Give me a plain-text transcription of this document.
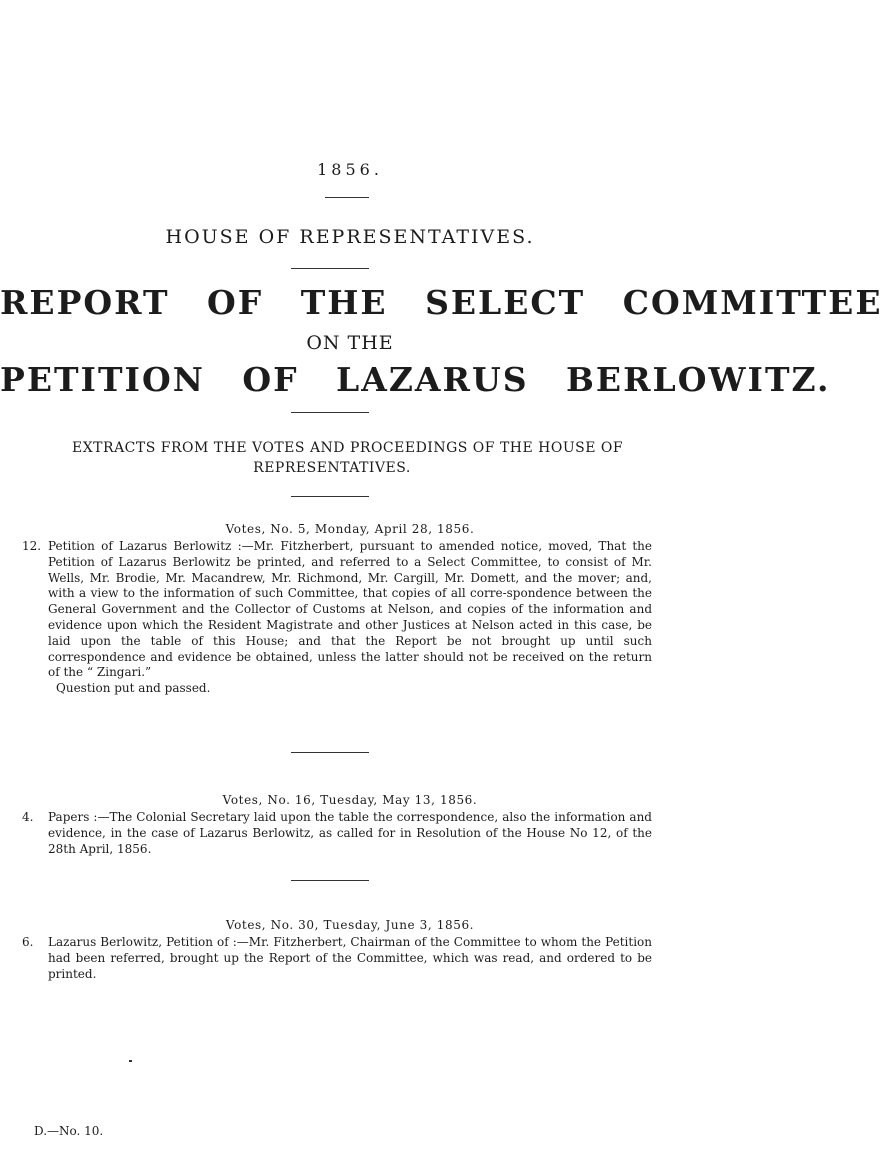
1856.
HOUSE OF REPRESENTATIVES.
REPORT OF THE SELECT COMMITTEE
ON THE
PETITION OF LAZARUS BERLOWITZ.
EXTRACTS FROM THE VOTES AND PROCEEDINGS OF THE HOUSE OF
REPRESENTATIVES.
Votes, No. 5, Monday, April 28, 1856.
12. Petition of Lazarus Berlowitz :—Mr. Fitzherbert, pursuant to amended notice, moved, That the Petition of Lazarus Berlowitz be printed, and referred to a Select Committee, to consist of Mr. Wells, Mr. Brodie, Mr. Macandrew, Mr. Richmond, Mr. Cargill, Mr. Domett, and the mover; and, with a view to the information of such Committee, that copies of all corre-spondence between the General Government and the Collector of Customs at Nelson, and copies of the information and evidence upon which the Resident Magistrate and other Justices at Nelson acted in this case, be laid upon the table of this House; and that the Report be not brought up until such correspondence and evidence be obtained, unless the latter should not be received on the return of the “ Zingari.”
Question put and passed.
Votes, No. 16, Tuesday, May 13, 1856.
4.	Papers :—The Colonial Secretary laid upon the table the correspondence, also the information and evidence, in the case of Lazarus Berlowitz, as called for in Resolution of the House No 12, of the 28th April, 1856.
Votes, No. 30, Tuesday, June 3, 1856.
6.	Lazarus Berlowitz, Petition of :—Mr. Fitzherbert, Chairman of the Committee to whom the Petition had been referred, brought up the Report of the Committee, which was read, and ordered to be printed.
D.—No. 10.
